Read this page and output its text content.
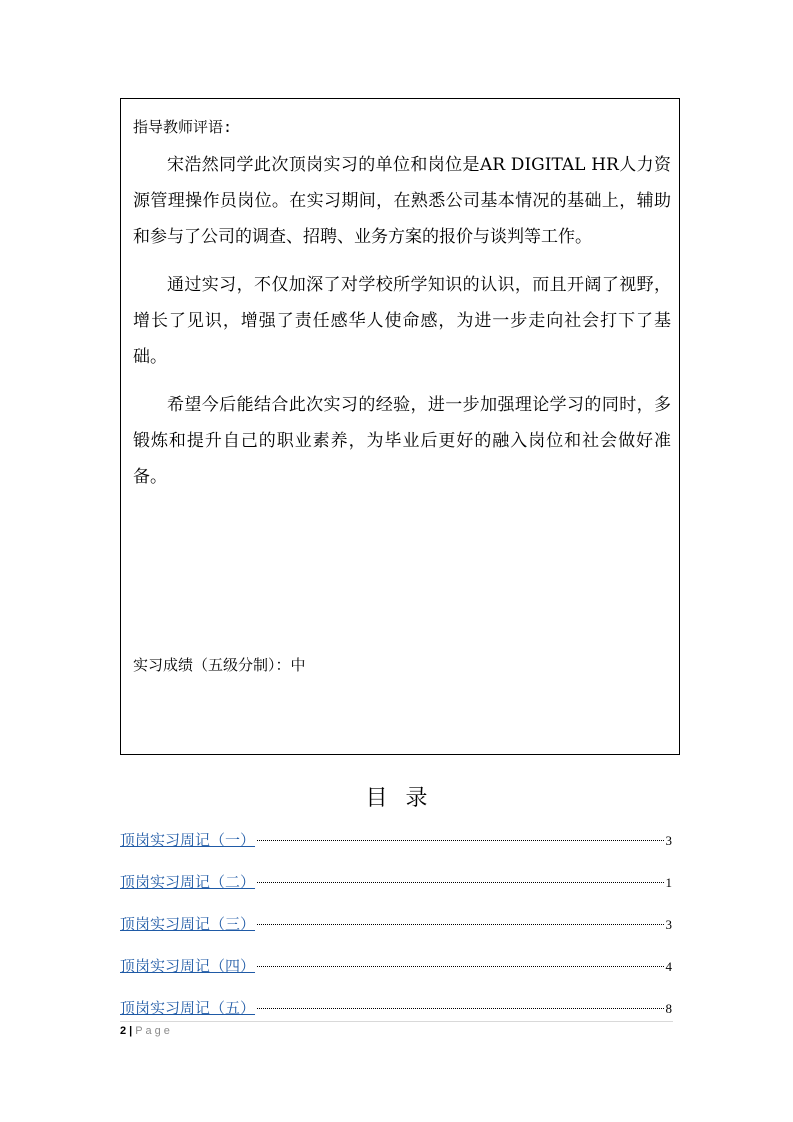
指导教师评语:

宋浩然同学此次顶岗实习的单位和岗位是AR DIGITAL HR人力资源管理操作员岗位。在实习期间，在熟悉公司基本情况的基础上，辅助和参与了公司的调查、招聘、业务方案的报价与谈判等工作。

通过实习，不仅加深了对学校所学知识的认识，而且开阔了视野，增长了见识，增强了责任感华人使命感，为进一步走向社会打下了基础。

希望今后能结合此次实习的经验，进一步加强理论学习的同时，多锻炼和提升自己的职业素养，为毕业后更好的融入岗位和社会做好准备。

实习成绩（五级分制）：中
目录
顶岗实习周记（一）	3
顶岗实习周记（二）	1
顶岗实习周记（三）	3
顶岗实习周记（四）	4
顶岗实习周记（五）	8
2 | Page
